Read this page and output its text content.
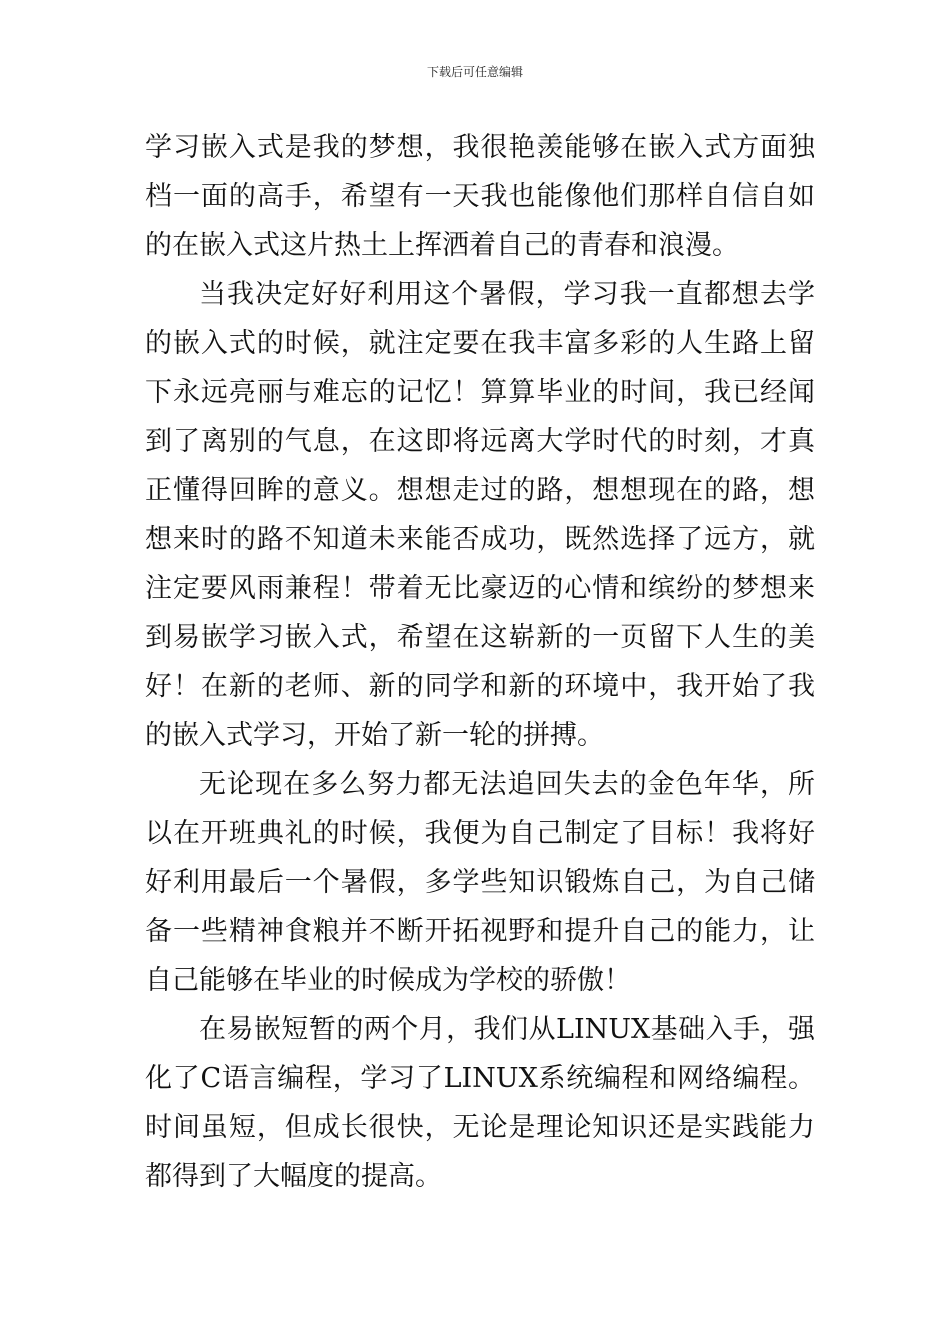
下载后可任意编辑

学习嵌入式是我的梦想，我很艳羡能够在嵌入式方面独档一面的高手，希望有一天我也能像他们那样自信自如的在嵌入式这片热土上挥洒着自己的青春和浪漫。

当我决定好好利用这个暑假，学习我一直都想去学的嵌入式的时候，就注定要在我丰富多彩的人生路上留下永远亮丽与难忘的记忆！算算毕业的时间，我已经闻到了离别的气息，在这即将远离大学时代的时刻，才真正懂得回眸的意义。想想走过的路，想想现在的路，想想来时的路不知道未来能否成功，既然选择了远方，就注定要风雨兼程！带着无比豪迈的心情和缤纷的梦想来到易嵌学习嵌入式，希望在这崭新的一页留下人生的美好！在新的老师、新的同学和新的环境中，我开始了我的嵌入式学习，开始了新一轮的拼搏。

无论现在多么努力都无法追回失去的金色年华，所以在开班典礼的时候，我便为自己制定了目标！我将好好利用最后一个暑假，多学些知识锻炼自己，为自己储备一些精神食粮并不断开拓视野和提升自己的能力，让自己能够在毕业的时候成为学校的骄傲！

在易嵌短暂的两个月，我们从LINUX基础入手，强化了C语言编程，学习了LINUX系统编程和网络编程。时间虽短，但成长很快，无论是理论知识还是实践能力都得到了大幅度的提高。
